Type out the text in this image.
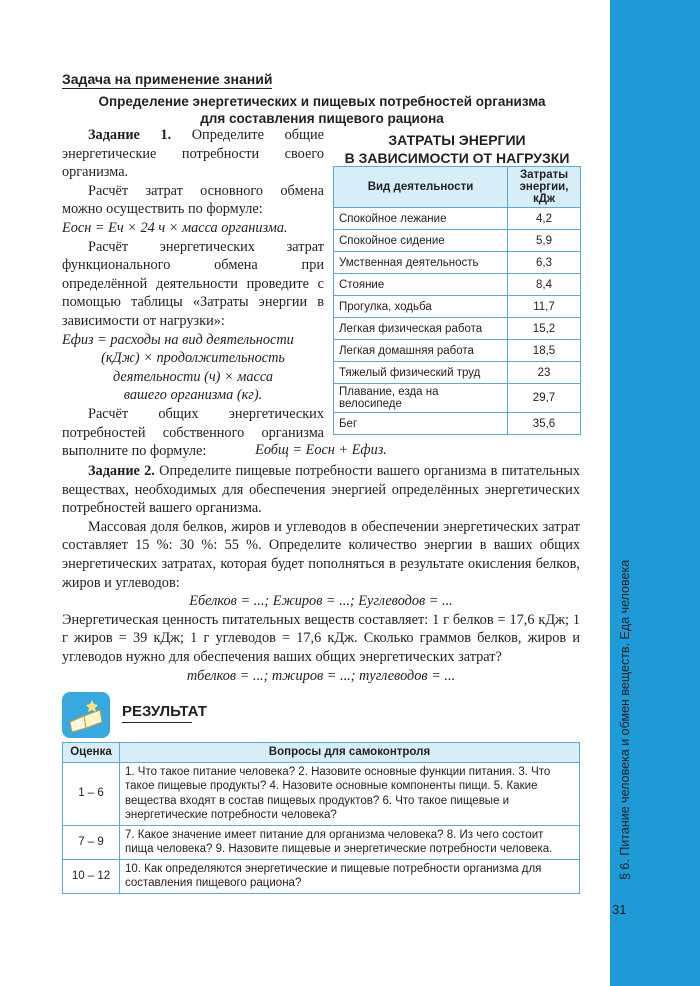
§ 6. Питание человека и обмен веществ. Еда человека
31
Задача на применение знаний
Определение энергетических и пищевых потребностей организма
для составления пищевого рациона

Задание 1. Определите общие энергетические потребности своего организма.

Расчёт затрат основного обмена можно осуществить по формуле:

Eосн = Eч × 24 ч × масса организма.

Расчёт энергетических затрат функционального обмена при определённой деятельности проведите с помощью таблицы «Затраты энергии в зависимости от нагрузки»:

Eфиз = расходы на вид деятельности

(кДж) × продолжительность

деятельности (ч) × масса

вашего организма (кг).

Расчёт общих энергетических потребностей собственного организма выполните по формуле:	Eобщ = Eосн + Eфиз.
ЗАТРАТЫ ЭНЕРГИИ
В ЗАВИСИМОСТИ ОТ НАГРУЗКИ
Вид деятельности	Затраты энергии, кДж
Спокойное лежание	4,2
Спокойное сидение	5,9
Умственная деятельность	6,3
Стояние	8,4
Прогулка, ходьба	11,7
Легкая физическая работа	15,2
Легкая домашняя работа	18,5
Тяжелый физический труд	23
Плавание, езда на велосипеде	29,7
Бег	35,6

Задание 2. Определите пищевые потребности вашего организма в питательных веществах, необходимых для обеспечения энергией определённых энергетических потребностей вашего организма.

Массовая доля белков, жиров и углеводов в обеспечении энергетических затрат составляет 15 %: 30 %: 55 %. Определите количество энергии в ваших общих энергетических затратах, которая будет пополняться в результате окисления белков, жиров и углеводов:

Eбелков = ...; Eжиров = ...; Eуглеводов = ...

Энергетическая ценность питательных веществ составляет: 1 г белков = 17,6 кДж; 1 г жиров = 39 кДж; 1 г углеводов = 17,6 кДж. Сколько граммов белков, жиров и углеводов нужно для обеспечения ваших общих энергетических затрат?

mбелков = ...; mжиров = ...; mуглеводов = ...

РЕЗУЛЬТАТ
Оценка	Вопросы для самоконтроля
1 – 6	1. Что такое питание человека? 2. Назовите основные функции питания. 3. Что такое пищевые продукты? 4. Назовите основные компоненты пищи. 5. Какие вещества входят в состав пищевых продуктов? 6. Что такое пищевые и энергетические потребности человека?
7 – 9	7. Какое значение имеет питание для организма человека? 8. Из чего состоит пища человека? 9. Назовите пищевые и энергетические потребности человека.
10 – 12	10. Как определяются энергетические и пищевые потребности организма для составления пищевого рациона?
